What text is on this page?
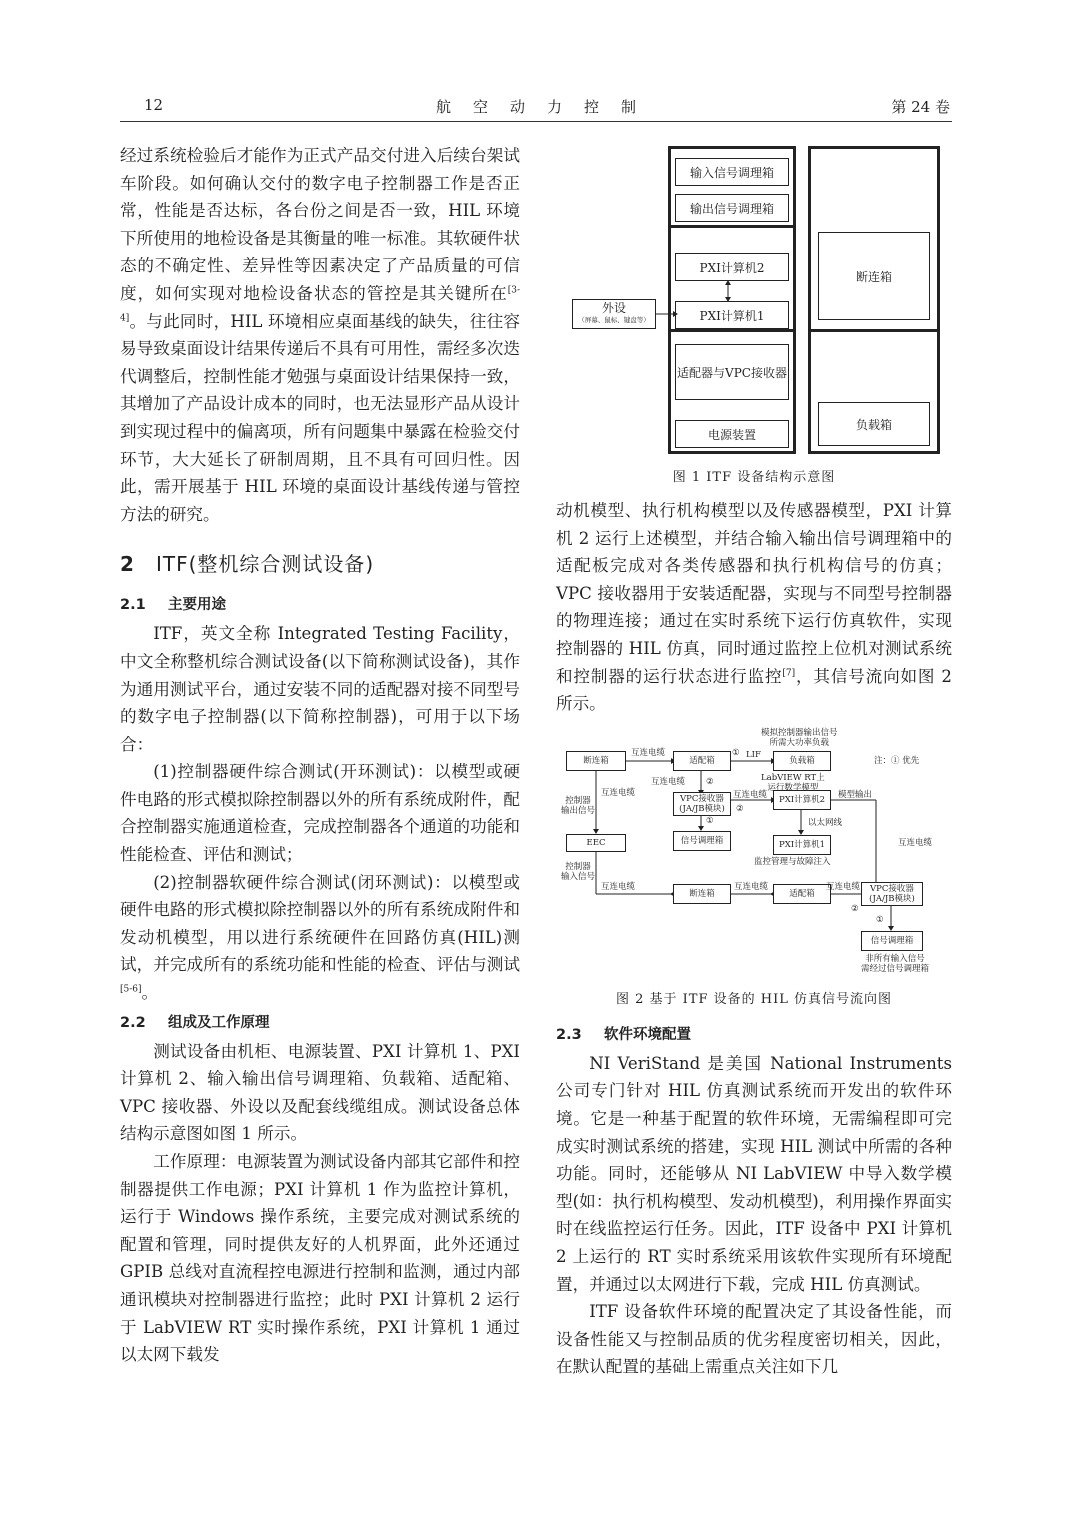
12	航空动力控制	第 24 卷

经过系统检验后才能作为正式产品交付进入后续台架试车阶段。如何确认交付的数字电子控制器工作是否正常，性能是否达标，各台份之间是否一致，HIL 环境下所使用的地检设备是其衡量的唯一标准。其软硬件状态的不确定性、差异性等因素决定了产品质量的可信度，如何实现对地检设备状态的管控是其关键所在[3-4]。与此同时，HIL 环境相应桌面基线的缺失，往往容易导致桌面设计结果传递后不具有可用性，需经多次迭代调整后，控制性能才勉强与桌面设计结果保持一致，其增加了产品设计成本的同时，也无法显形产品从设计到实现过程中的偏离项，所有问题集中暴露在检验交付环节，大大延长了研制周期，且不具有可回归性。因此，需开展基于 HIL 环境的桌面设计基线传递与管控方法的研究。

2 ITF(整机综合测试设备)
2.1 主要用途

ITF，英文全称 Integrated Testing Facility，中文全称整机综合测试设备(以下简称测试设备)，其作为通用测试平台，通过安装不同的适配器对接不同型号的数字电子控制器(以下简称控制器)，可用于以下场合：

(1)控制器硬件综合测试(开环测试)：以模型或硬件电路的形式模拟除控制器以外的所有系统成附件，配合控制器实施通道检查，完成控制器各个通道的功能和性能检查、评估和测试；

(2)控制器软硬件综合测试(闭环测试)：以模型或硬件电路的形式模拟除控制器以外的所有系统成附件和发动机模型，用以进行系统硬件在回路仿真(HIL)测试，并完成所有的系统功能和性能的检查、评估与测试[5-6]。

2.2 组成及工作原理

测试设备由机柜、电源装置、PXI 计算机 1、PXI 计算机 2、输入输出信号调理箱、负载箱、适配箱、VPC 接收器、外设以及配套线缆组成。测试设备总体结构示意图如图 1 所示。

工作原理：电源装置为测试设备内部其它部件和控制器提供工作电源；PXI 计算机 1 作为监控计算机，运行于 Windows 操作系统，主要完成对测试系统的配置和管理，同时提供友好的人机界面，此外还通过 GPIB 总线对直流程控电源进行控制和监测，通过内部通讯模块对控制器进行监控；此时 PXI 计算机 2 运行于 LabVIEW RT 实时操作系统，PXI 计算机 1 通过以太网下载发

输入信号调理箱
输出信号调理箱
PXI计算机2
PXI计算机1
适配器与VPC接收器
电源装置
断连箱
负载箱
外设
（屏幕、鼠标、键盘等）
图 1 ITF 设备结构示意图

动机模型、执行机构模型以及传感器模型，PXI 计算机 2 运行上述模型，并结合输入输出信号调理箱中的适配板完成对各类传感器和执行机构信号的仿真；VPC 接收器用于安装适配器，实现与不同型号控制器的物理连接；通过在实时系统下运行仿真软件，实现控制器的 HIL 仿真，同时通过监控上位机对测试系统和控制器的运行状态进行监控[7]，其信号流向如图 2 所示。

断连箱	适配箱	负载箱
VPC接收器
(JA/JB模块)
PXI计算机2
信号调理箱	PXI计算机1
EEC
断连箱	适配箱	VPC接收器
(JA/JB模块)
信号调理箱
互连电缆	① LIF
模拟控制器输出信号
所需大功率负载
注：① 优先
互连电缆 ②	LabVIEW RT上
运行数学模型
互连电缆	互连电缆
②
模型输出
控制器
输出信号
①	以太网线
互连电缆
监控管理与故障注入
控制器
输入信号
互连电缆	互连电缆	互连电缆
②
①
非所有输入信号
需经过信号调理箱
图 2 基于 ITF 设备的 HIL 仿真信号流向图
2.3 软件环境配置

NI VeriStand 是美国 National Instruments 公司专门针对 HIL 仿真测试系统而开发出的软件环境。它是一种基于配置的软件环境，无需编程即可完成实时测试系统的搭建，实现 HIL 测试中所需的各种功能。同时，还能够从 NI LabVIEW 中导入数学模型(如：执行机构模型、发动机模型)，利用操作界面实时在线监控运行任务。因此，ITF 设备中 PXI 计算机 2 上运行的 RT 实时系统采用该软件实现所有环境配置，并通过以太网进行下载，完成 HIL 仿真测试。

ITF 设备软件环境的配置决定了其设备性能，而设备性能又与控制品质的优劣程度密切相关，因此，在默认配置的基础上需重点关注如下几
